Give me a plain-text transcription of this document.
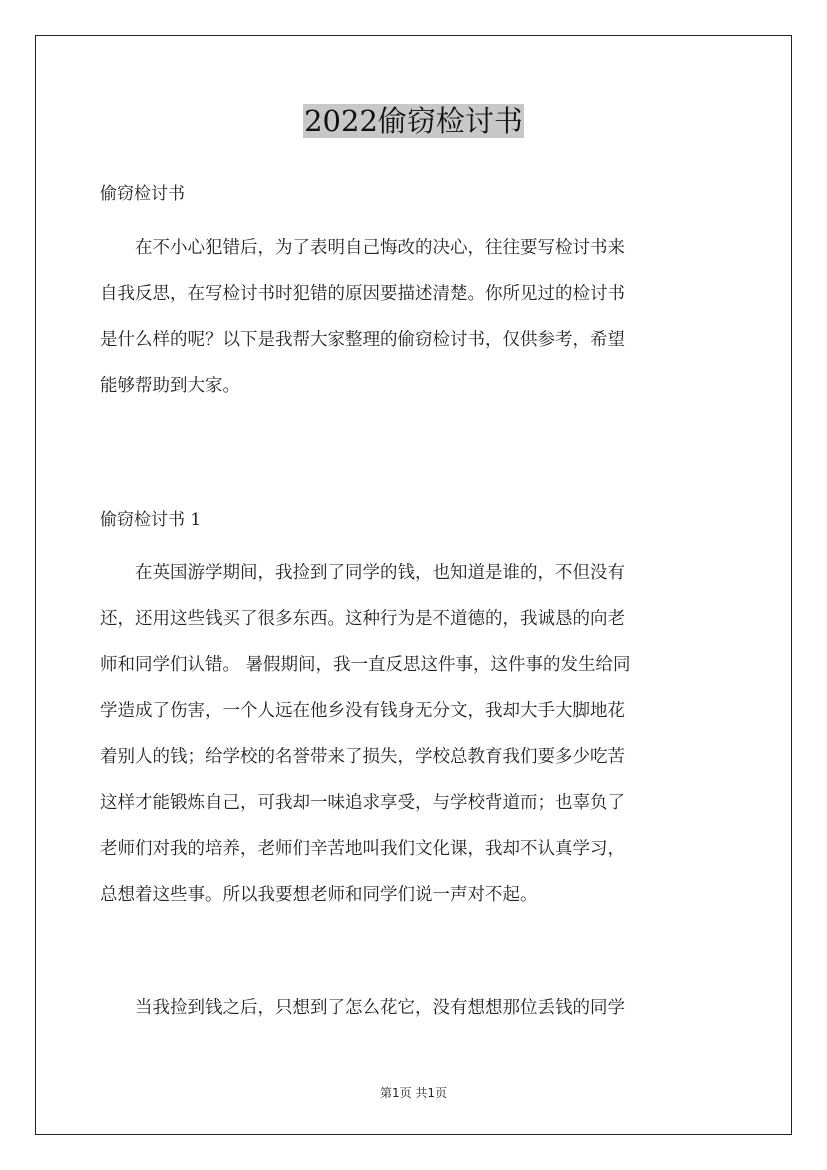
2022偷窃检讨书
偷窃检讨书
在不小心犯错后，为了表明自己悔改的决心，往往要写检讨书来
自我反思，在写检讨书时犯错的原因要描述清楚。你所见过的检讨书
是什么样的呢？以下是我帮大家整理的偷窃检讨书，仅供参考，希望
能够帮助到大家。
偷窃检讨书 1
在英国游学期间，我捡到了同学的钱，也知道是谁的，不但没有
还，还用这些钱买了很多东西。这种行为是不道德的，我诚恳的向老
师和同学们认错。 暑假期间，我一直反思这件事，这件事的发生给同
学造成了伤害，一个人远在他乡没有钱身无分文，我却大手大脚地花
着别人的钱；给学校的名誉带来了损失，学校总教育我们要多少吃苦
这样才能锻炼自己，可我却一味追求享受，与学校背道而；也辜负了
老师们对我的培养，老师们辛苦地叫我们文化课，我却不认真学习，
总想着这些事。所以我要想老师和同学们说一声对不起。
当我捡到钱之后，只想到了怎么花它，没有想想那位丢钱的同学
第1页 共1页
